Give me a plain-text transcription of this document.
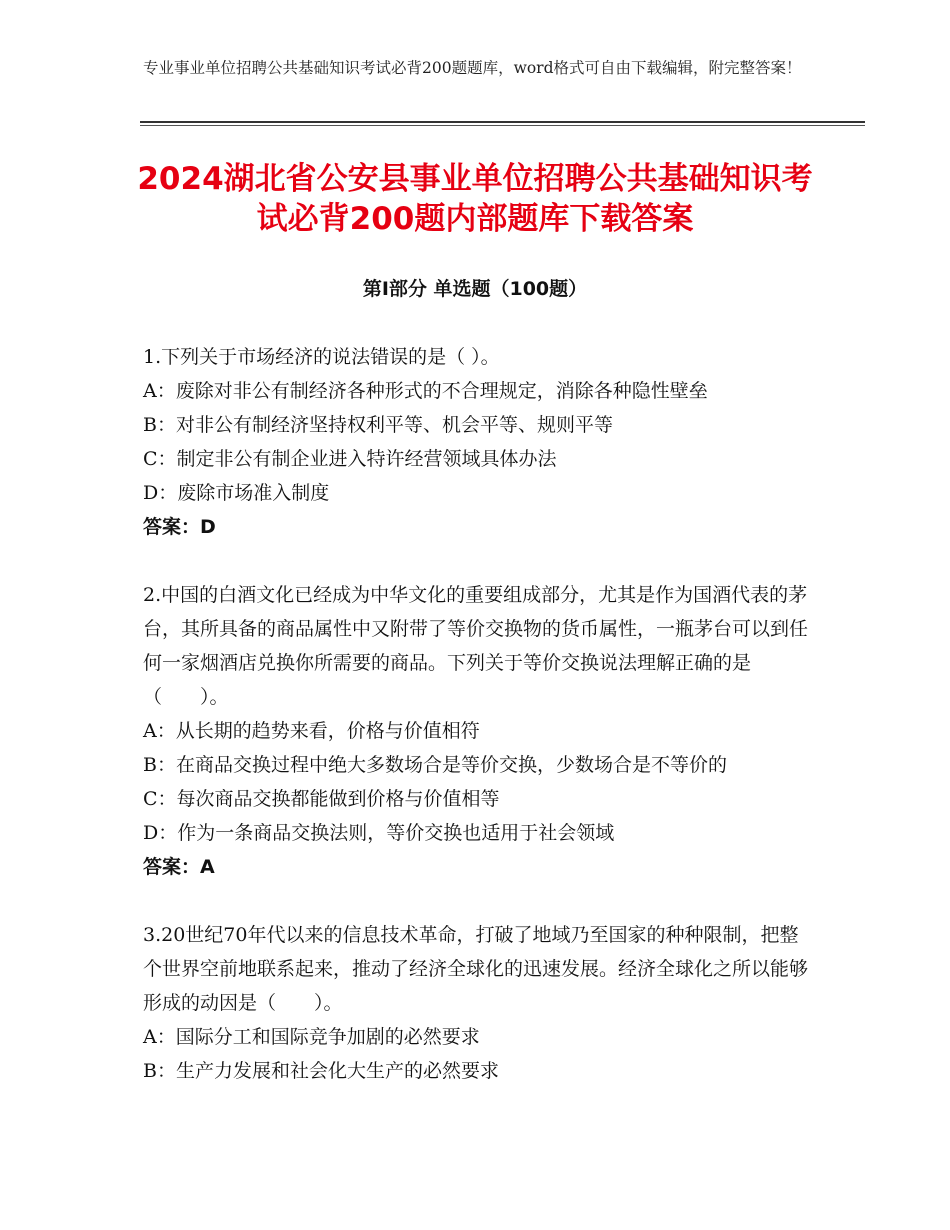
专业事业单位招聘公共基础知识考试必背200题题库，word格式可自由下载编辑，附完整答案！
2024湖北省公安县事业单位招聘公共基础知识考试必背200题内部题库下载答案
第Ⅰ部分 单选题（100题）

1.下列关于市场经济的说法错误的是（ ）。

A：废除对非公有制经济各种形式的不合理规定，消除各种隐性壁垒

B：对非公有制经济坚持权利平等、机会平等、规则平等

C：制定非公有制企业进入特许经营领域具体办法

D：废除市场准入制度

答案：D

2.中国的白酒文化已经成为中华文化的重要组成部分，尤其是作为国酒代表的茅台，其所具备的商品属性中又附带了等价交换物的货币属性，一瓶茅台可以到任何一家烟酒店兑换你所需要的商品。下列关于等价交换说法理解正确的是（　　）。

A：从长期的趋势来看，价格与价值相符

B：在商品交换过程中绝大多数场合是等价交换，少数场合是不等价的

C：每次商品交换都能做到价格与价值相等

D：作为一条商品交换法则，等价交换也适用于社会领域

答案：A

3.20世纪70年代以来的信息技术革命，打破了地域乃至国家的种种限制，把整个世界空前地联系起来，推动了经济全球化的迅速发展。经济全球化之所以能够形成的动因是（　　）。

A：国际分工和国际竞争加剧的必然要求

B：生产力发展和社会化大生产的必然要求
